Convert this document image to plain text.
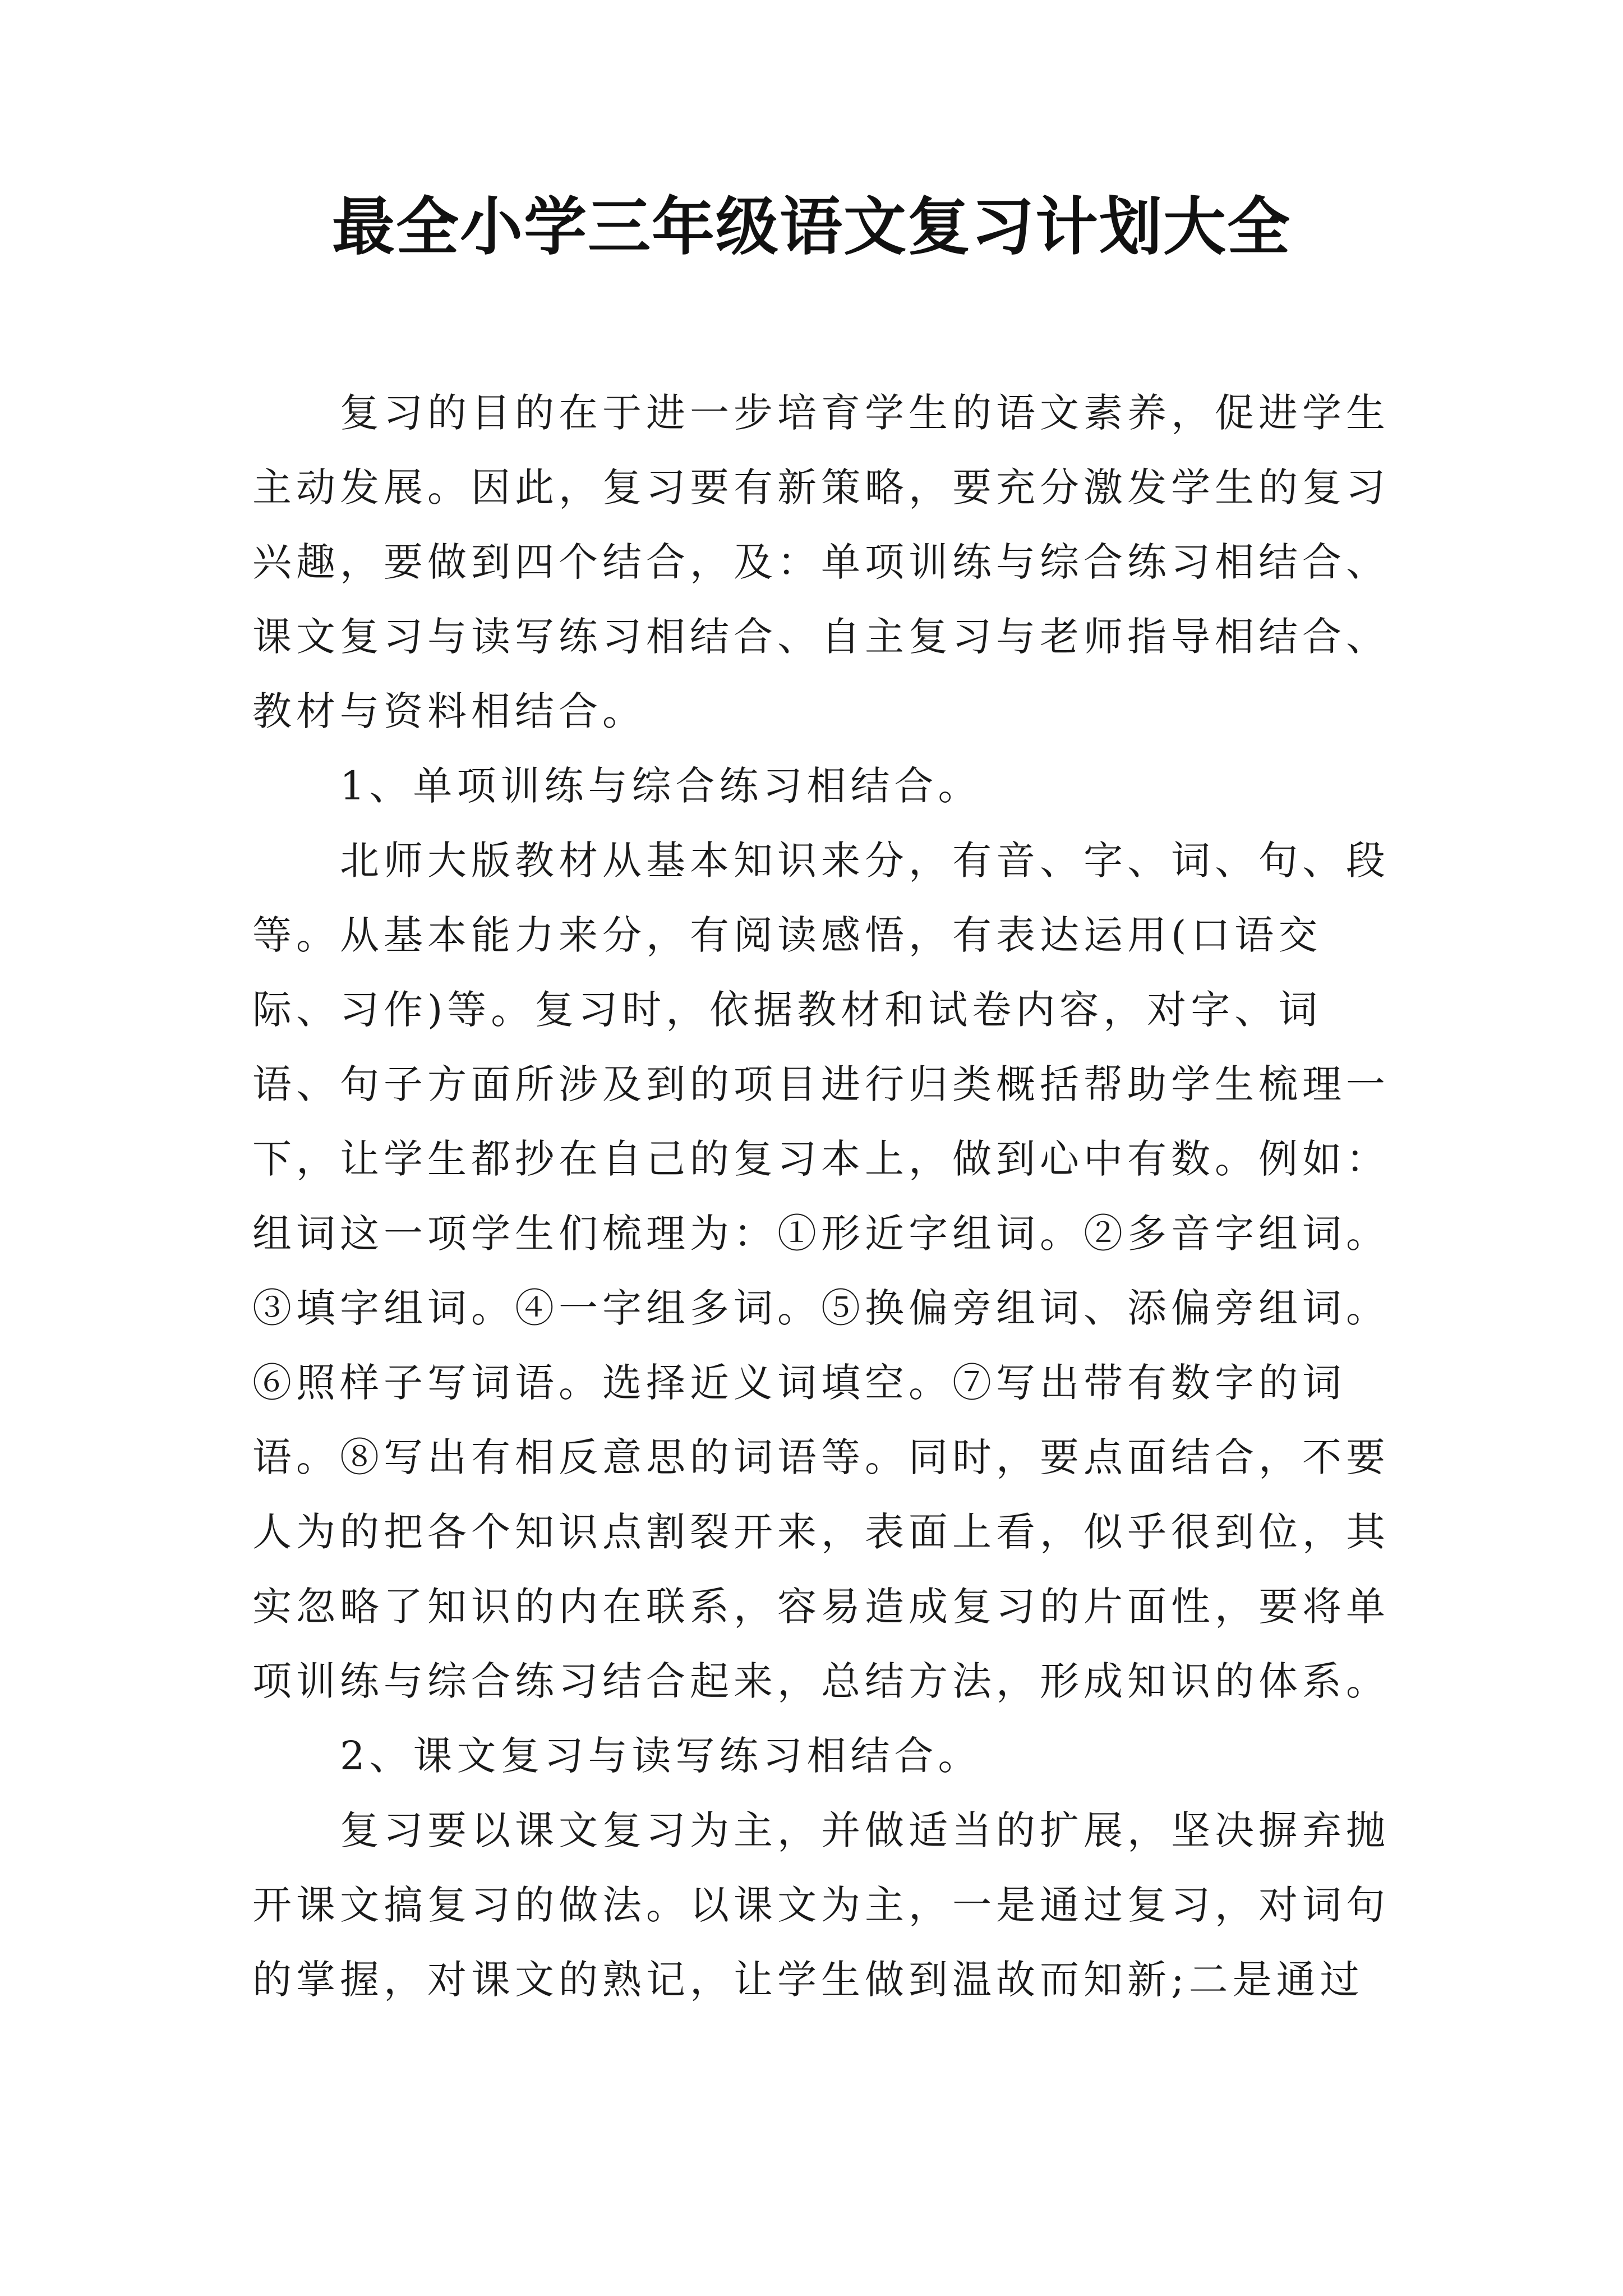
最全小学三年级语文复习计划大全

复习的目的在于进一步培育学生的语文素养，促进学生主动发展。因此，复习要有新策略，要充分激发学生的复习兴趣，要做到四个结合，及：单项训练与综合练习相结合、课文复习与读写练习相结合、自主复习与老师指导相结合、教材与资料相结合。

1、单项训练与综合练习相结合。

北师大版教材从基本知识来分，有音、字、词、句、段等。从基本能力来分，有阅读感悟，有表达运用(口语交际、习作)等。复习时，依据教材和试卷内容，对字、词语、句子方面所涉及到的项目进行归类概括帮助学生梳理一下，让学生都抄在自己的复习本上，做到心中有数。例如：组词这一项学生们梳理为：①形近字组词。②多音字组词。③填字组词。④一字组多词。⑤换偏旁组词、添偏旁组词。⑥照样子写词语。选择近义词填空。⑦写出带有数字的词语。⑧写出有相反意思的词语等。同时，要点面结合，不要人为的把各个知识点割裂开来，表面上看，似乎很到位，其实忽略了知识的内在联系，容易造成复习的片面性，要将单项训练与综合练习结合起来，总结方法，形成知识的体系。

2、课文复习与读写练习相结合。

复习要以课文复习为主，并做适当的扩展，坚决摒弃抛开课文搞复习的做法。以课文为主，一是通过复习，对词句的掌握，对课文的熟记，让学生做到温故而知新;二是通过
